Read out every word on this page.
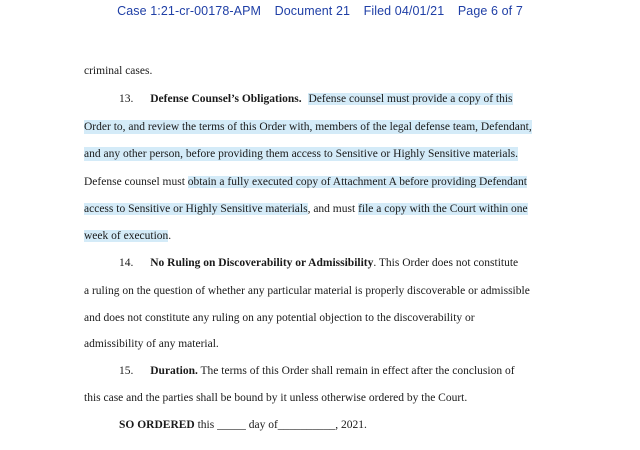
Case 1:21-cr-00178-APM Document 21 Filed 04/01/21 Page 6 of 7
criminal cases.
13. Defense Counsel’s Obligations. Defense counsel must provide a copy of this
Order to, and review the terms of this Order with, members of the legal defense team, Defendant,
and any other person, before providing them access to Sensitive or Highly Sensitive materials.
Defense counsel must obtain a fully executed copy of Attachment A before providing Defendant
access to Sensitive or Highly Sensitive materials, and must file a copy with the Court within one
week of execution.
14. No Ruling on Discoverability or Admissibility. This Order does not constitute
a ruling on the question of whether any particular material is properly discoverable or admissible
and does not constitute any ruling on any potential objection to the discoverability or
admissibility of any material.
15. Duration. The terms of this Order shall remain in effect after the conclusion of
this case and the parties shall be bound by it unless otherwise ordered by the Court.
SO ORDERED this _____ day of__________, 2021.
